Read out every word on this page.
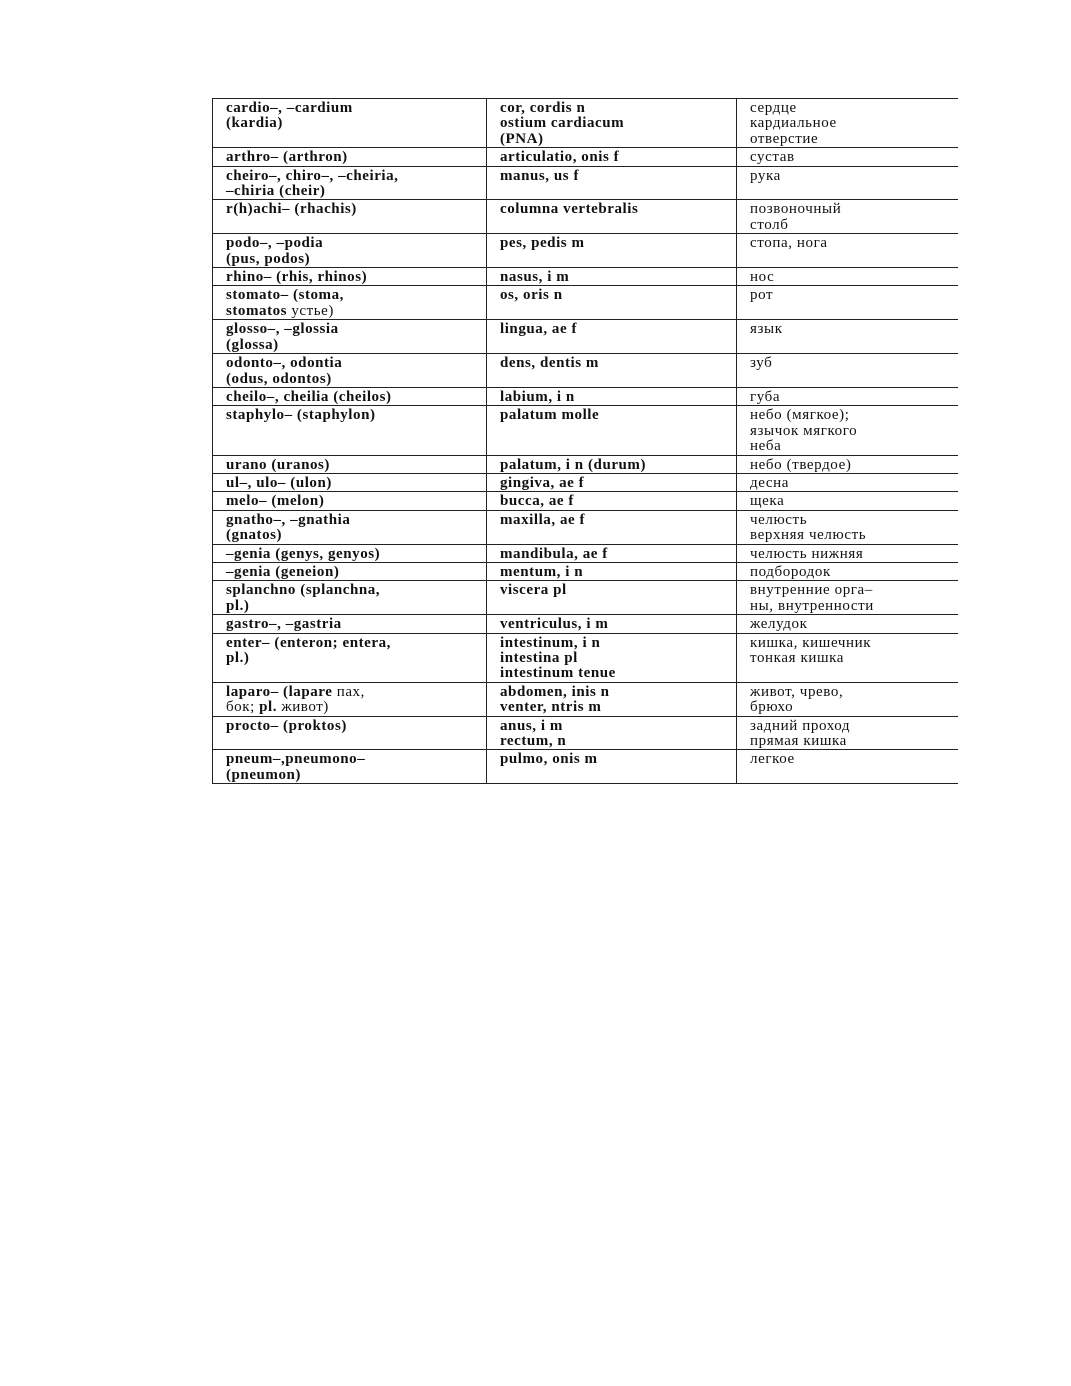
cardio–, –cardium
(kardia)	cor, cordis n
ostium cardiacum
(PNA)	сердце
кардиальное
отверстие

arthro– (arthron)	articulatio, onis f	сустав

cheiro–, chiro–, –cheiria,
–chiria (cheir)	manus, us f	рука

r(h)achi– (rhachis)	columna vertebralis	позвоночный
столб

podo–, –podia
(pus, podos)	pes, pedis m	стопа, нога

rhino– (rhis, rhinos)	nasus, i m	нос

stomato– (stoma,
stomatos устье)	os, oris n	рот

glosso–, –glossia
(glossa)	lingua, ae f	язык

odonto–, odontia
(odus, odontos)	dens, dentis m	зуб

cheilo–, cheilia (cheilos)	labium, i n	губа

staphylo– (staphylon)	palatum molle	небо (мягкое);
язычок мягкого
неба

urano (uranos)	palatum, i n (durum)	небо (твердое)

ul–, ulo– (ulon)	gingiva, ae f	десна

melo– (melon)	bucca, ae f	щека

gnatho–, –gnathia
(gnatos)	maxilla, ae f	челюсть
верхняя челюсть

–genia (genys, genyos)	mandibula, ae f	челюсть нижняя

–genia (geneion)	mentum, i n	подбородок

splanchno (splanchna,
pl.)	viscera pl	внутренние орга–
ны, внутренности

gastro–, –gastria	ventriculus, i m	желудок

enter– (enteron; entera,
pl.)	intestinum, i n
intestina pl
intestinum tenue	кишка, кишечник
тонкая кишка

laparo– (lapare пах,
бок; pl. живот)	abdomen, inis n
venter, ntris m	живот, чрево,
брюхо

procto– (proktos)	anus, i m
rectum, n	задний проход
прямая кишка

pneum–,pneumono–
(pneumon)	pulmo, onis m	легкое
